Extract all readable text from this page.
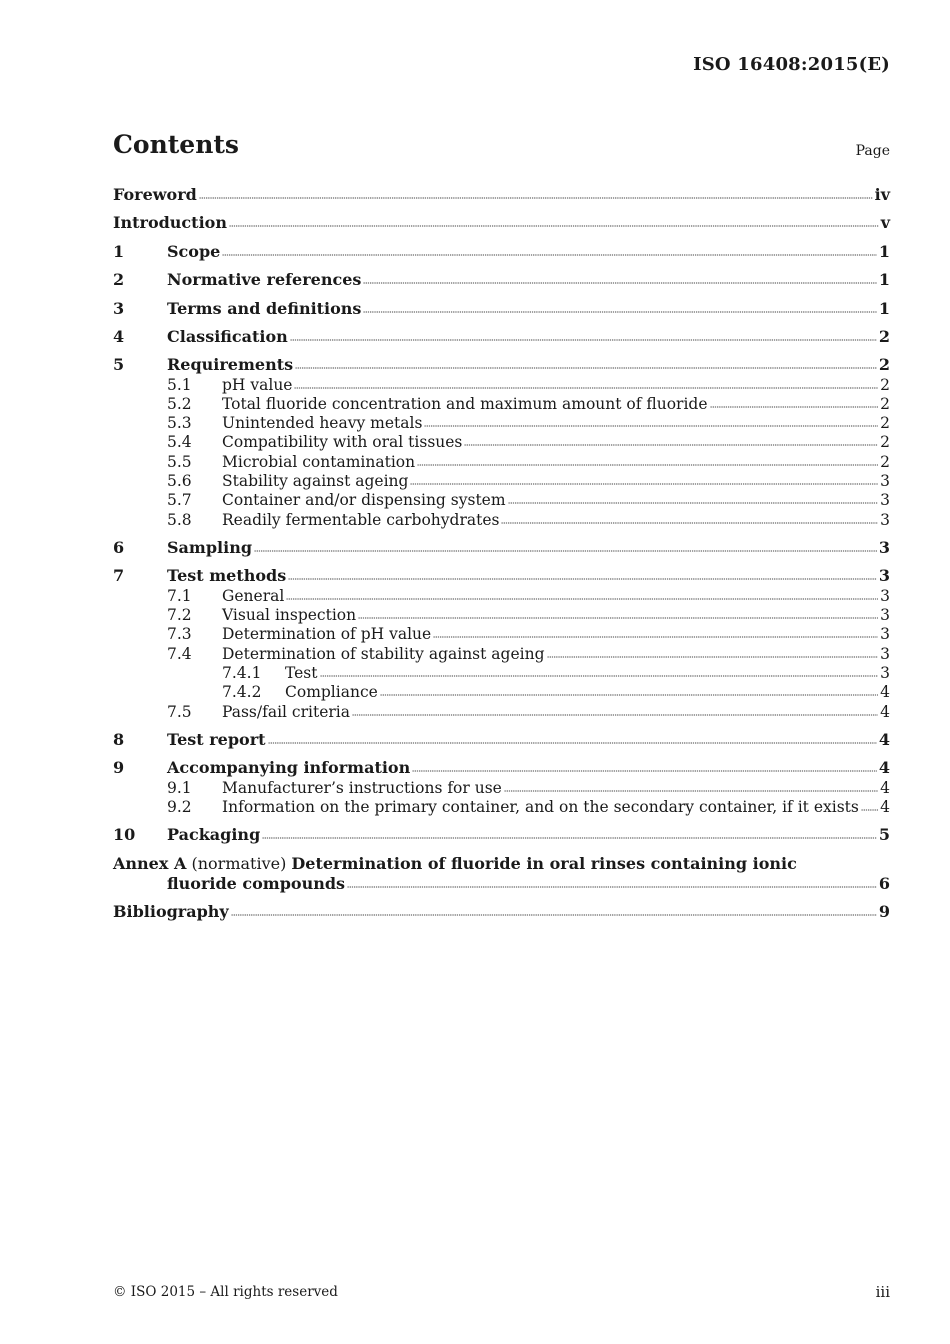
ISO 16408:2015(E)
Contents	Page
Foreword	iv
Introduction	v
1	Scope	1
2	Normative references	1
3	Terms and definitions	1
4	Classification	2
5	Requirements	2
5.1	pH value	2
5.2	Total fluoride concentration and maximum amount of fluoride	2
5.3	Unintended heavy metals	2
5.4	Compatibility with oral tissues	2
5.5	Microbial contamination	2
5.6	Stability against ageing	3
5.7	Container and/or dispensing system	3
5.8	Readily fermentable carbohydrates	3
6	Sampling	3
7	Test methods	3
7.1	General	3
7.2	Visual inspection	3
7.3	Determination of pH value	3
7.4	Determination of stability against ageing	3
7.4.1	Test	3
7.4.2	Compliance	4
7.5	Pass/fail criteria	4
8	Test report	4
9	Accompanying information	4
9.1	Manufacturer’s instructions for use	4
9.2	Information on the primary container, and on the secondary container, if it exists 4
10	Packaging	5
Annex A (normative) Determination of fluoride in oral rinses containing ionic
fluoride compounds	6
Bibliography	9
© ISO 2015 – All rights reserved	iii
